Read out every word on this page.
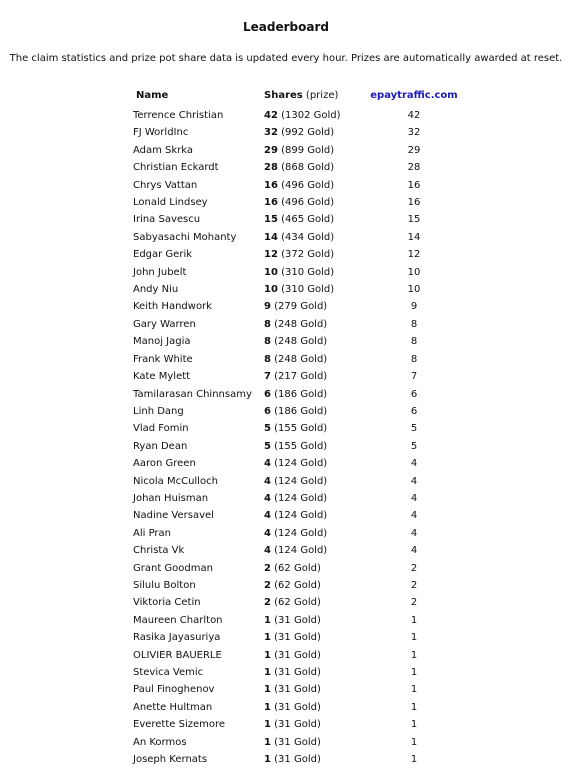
Leaderboard
The claim statistics and prize pot share data is updated every hour. Prizes are automatically awarded at reset.
Name	Shares (prize)	epaytraffic.com
Terrence Christian	42 (1302 Gold)	42
FJ WorldInc	32 (992 Gold)	32
Adam Skrka	29 (899 Gold)	29
Christian Eckardt	28 (868 Gold)	28
Chrys Vattan	16 (496 Gold)	16
Lonald Lindsey	16 (496 Gold)	16
Irina Savescu	15 (465 Gold)	15
Sabyasachi Mohanty	14 (434 Gold)	14
Edgar Gerik	12 (372 Gold)	12
John Jubelt	10 (310 Gold)	10
Andy Niu	10 (310 Gold)	10
Keith Handwork	9 (279 Gold)	9
Gary Warren	8 (248 Gold)	8
Manoj Jagia	8 (248 Gold)	8
Frank White	8 (248 Gold)	8
Kate Mylett	7 (217 Gold)	7
Tamilarasan Chinnsamy	6 (186 Gold)	6
Linh Dang	6 (186 Gold)	6
Vlad Fomin	5 (155 Gold)	5
Ryan Dean	5 (155 Gold)	5
Aaron Green	4 (124 Gold)	4
Nicola McCulloch	4 (124 Gold)	4
Johan Huisman	4 (124 Gold)	4
Nadine Versavel	4 (124 Gold)	4
Ali Pran	4 (124 Gold)	4
Christa Vk	4 (124 Gold)	4
Grant Goodman	2 (62 Gold)	2
Silulu Bolton	2 (62 Gold)	2
Viktoria Cetin	2 (62 Gold)	2
Maureen Charlton	1 (31 Gold)	1
Rasika Jayasuriya	1 (31 Gold)	1
OLIVIER BAUERLE	1 (31 Gold)	1
Stevica Vemic	1 (31 Gold)	1
Paul Finoghenov	1 (31 Gold)	1
Anette Hultman	1 (31 Gold)	1
Everette Sizemore	1 (31 Gold)	1
An Kormos	1 (31 Gold)	1
Joseph Kernats	1 (31 Gold)	1
